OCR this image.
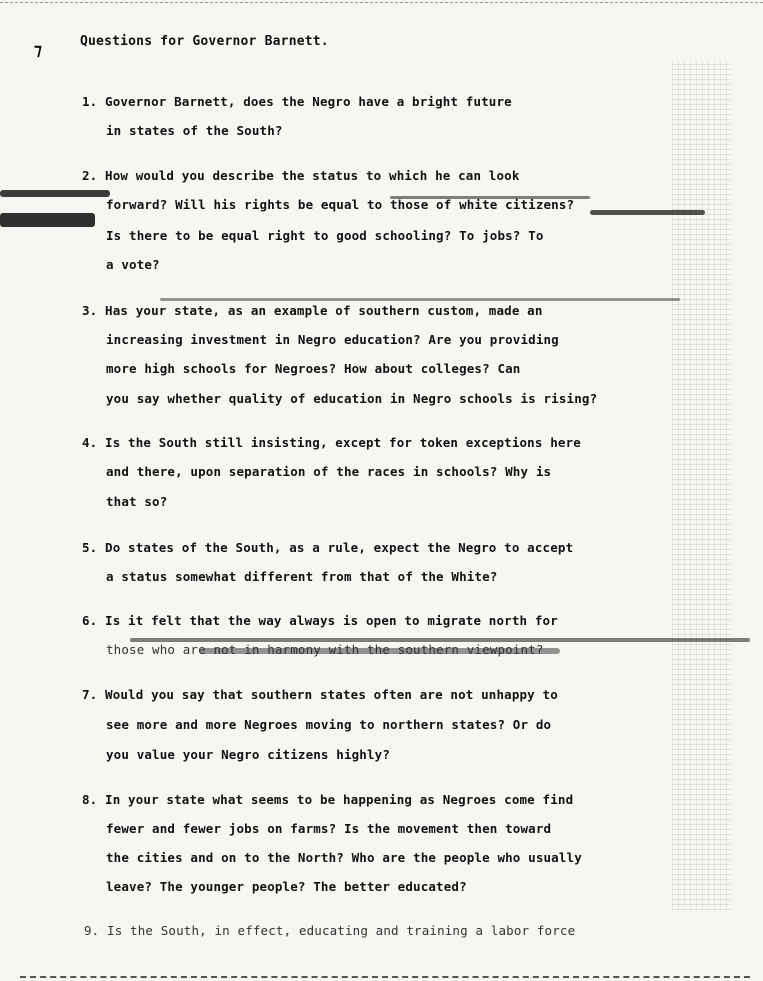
⁊	Questions for Governor Barnett.
1. Governor Barnett, does the Negro have a bright future
in states of the South?
2. How would you describe the status to which he can look
forward? Will his rights be equal to those of white citizens?
Is there to be equal right to good schooling? To jobs? To
a vote?
3. Has your state, as an example of southern custom, made an
increasing investment in Negro education? Are you providing
more high schools for Negroes? How about colleges? Can
you say whether quality of education in Negro schools is rising?
4. Is the South still insisting, except for token exceptions here
and there, upon separation of the races in schools? Why is
that so?
5. Do states of the South, as a rule, expect the Negro to accept
a status somewhat different from that of the White?
6. Is it felt that the way always is open to migrate north for
those who are not in harmony with the southern viewpoint?
7. Would you say that southern states often are not unhappy to
see more and more Negroes moving to northern states? Or do
you value your Negro citizens highly?
8. In your state what seems to be happening as Negroes come find
fewer and fewer jobs on farms? Is the movement then toward
the cities and on to the North? Who are the people who usually
leave? The younger people? The better educated?
9. Is the South, in effect, educating and training a labor force
